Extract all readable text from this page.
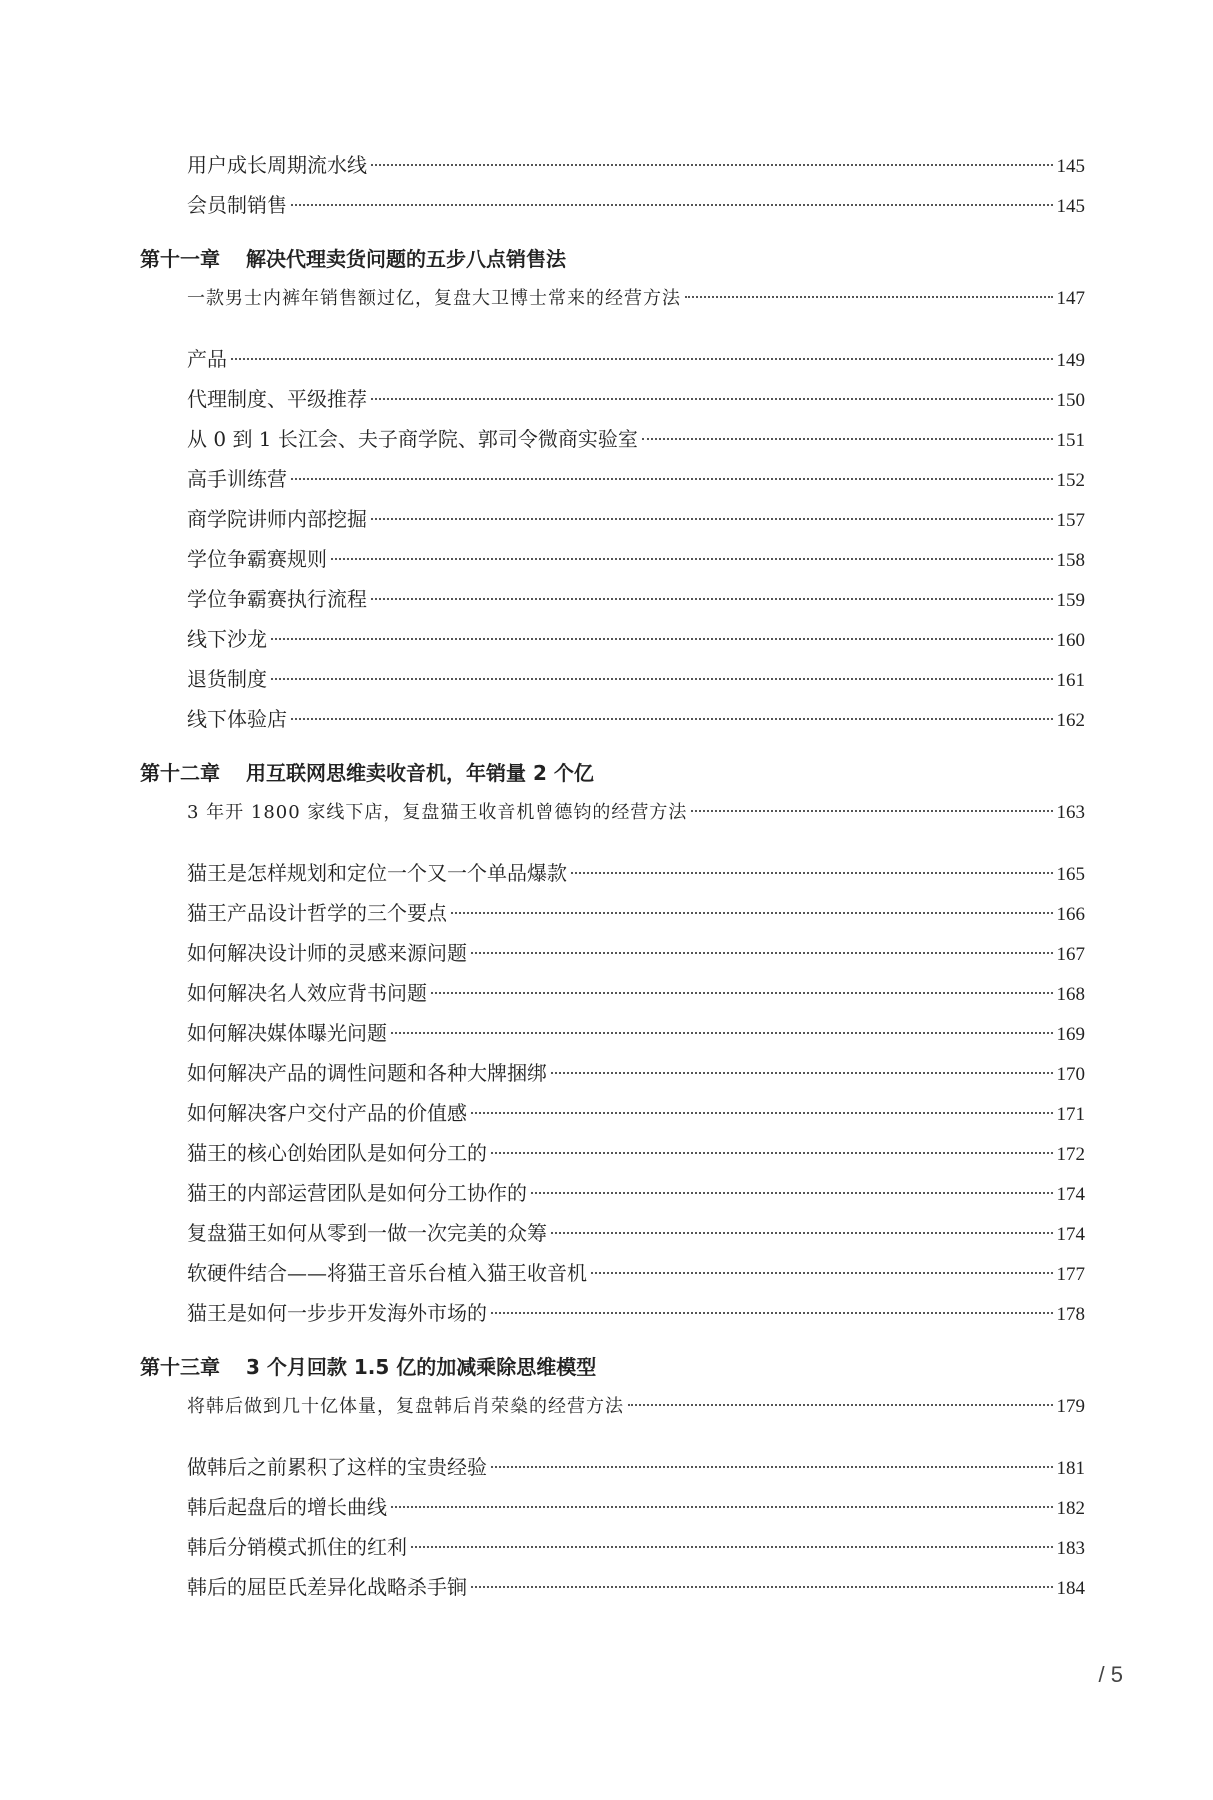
用户成长周期流水线	145
会员制销售	145
第十一章 解决代理卖货问题的五步八点销售法
一款男士内裤年销售额过亿，复盘大卫博士常来的经营方法	147
产品	149
代理制度、平级推荐	150
从 0 到 1 长江会、夫子商学院、郭司令微商实验室	151
高手训练营	152
商学院讲师内部挖掘	157
学位争霸赛规则	158
学位争霸赛执行流程	159
线下沙龙	160
退货制度	161
线下体验店	162
第十二章 用互联网思维卖收音机，年销量 2 个亿
3 年开 1800 家线下店，复盘猫王收音机曾德钧的经营方法	163
猫王是怎样规划和定位一个又一个单品爆款	165
猫王产品设计哲学的三个要点	166
如何解决设计师的灵感来源问题	167
如何解决名人效应背书问题	168
如何解决媒体曝光问题	169
如何解决产品的调性问题和各种大牌捆绑	170
如何解决客户交付产品的价值感	171
猫王的核心创始团队是如何分工的	172
猫王的内部运营团队是如何分工协作的	174
复盘猫王如何从零到一做一次完美的众筹	174
软硬件结合——将猫王音乐台植入猫王收音机	177
猫王是如何一步步开发海外市场的	178
第十三章 3 个月回款 1.5 亿的加减乘除思维模型
将韩后做到几十亿体量，复盘韩后肖荣燊的经营方法	179
做韩后之前累积了这样的宝贵经验	181
韩后起盘后的增长曲线	182
韩后分销模式抓住的红利	183
韩后的屈臣氏差异化战略杀手锏	184
/ 5
